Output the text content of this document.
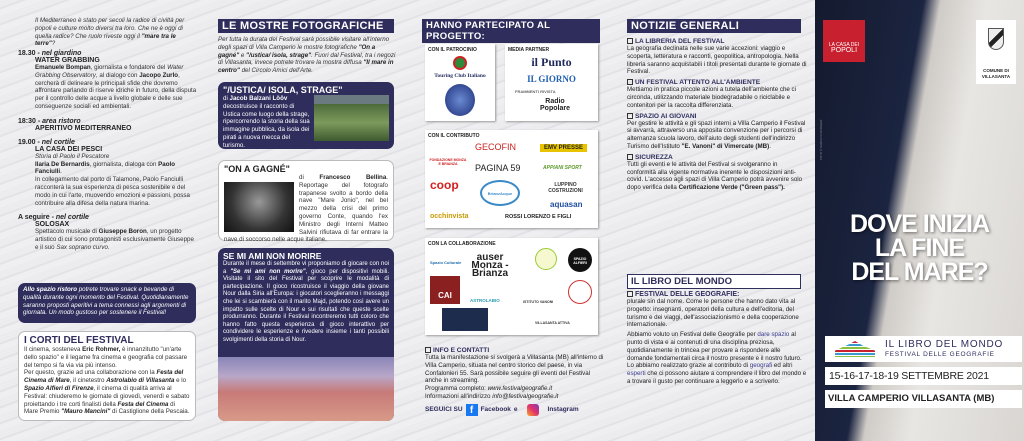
Il Mediterraneo è stato per secoli la radice di civiltà per popoli e culture molto diversi tra loro. Che ne è oggi di quella radice? Che ruolo riveste oggi il "mare tra le terre"?
18.30 - nel giardino
WATER GRABBING
Emanuele Bompan, giornalista e fondatore del Water Grabbing Observatory, al dialogo con Jacopo Zurlo, cercherà di delineare le principali sfide che dovremo affrontare parlando di riserve idriche in futuro, della disputa per il controllo delle acque a livello globale e delle sue conseguenze sociali ed ambientali.
18:30 - area ristoro
APERITIVO MEDITERRANEO
19.00 - nel cortile
LA CASA DEI PESCI
Storia di Paolo il Pescatore
Ilaria De Bernardis, giornalista, dialoga con Paolo Fanciulli.
In collegamento dal porto di Talamone, Paolo Fanciulli racconterà la sua esperienza di pesca sostenibile e del modo in cui l'arte, muovendo emozioni e passioni, possa contribuire alla difesa della natura marina.
A seguire - nel cortile
SOLOSAX
Spettacolo musicale di Giuseppe Boron, un progetto artistico di cui sono protagonisti esclusivamente Giuseppe e il suo Sax soprano curvo.
Allo spazio ristoro potrete trovare snack e bevande di qualità durante ogni momento del Festival. Quotidianamente saranno proposti aperitivi a tema connessi agli argomenti di giornata. Un modo gustoso per sostenere il Festival!
I CORTI DEL FESTIVAL
Il cinema, sosteneva Eric Rohmer, è innanzitutto "un'arte dello spazio" e il legame fra cinema e geografia col passare del tempo si fa via via più intenso.
Per questo, grazie ad una collaborazione con la Festa del Cinema di Mare, il cinetestro Astrolabio di Villasanta e lo Spazio Alfieri di Firenze, il cinema di qualità arriva al Festival: chiuderemo le giornate di giovedì, venerdì e sabato proiettando i tre corti finalisti della Festa del Cinema di Mare Premio "Mauro Mancini" di Castiglione della Pescaia.
LE MOSTRE FOTOGRAFICHE
Per tutta la durata del Festival sarà possibile visitare all'interno degli spazi di Villa Camperio le mostre fotografiche "On a gagné" e "/ustica/ isola, strage". Fuori dal Festival, tra i negozi di Villasanta, invece potrete trovare la mostra diffusa "Il mare in centro" del Circolo Amici dell'Arte.
"/USTICA/ ISOLA, STRAGE"
di Jacob Balzani Lööv decostruisce il racconto di Ustica come luogo della strage, ripercorrendo la storia della sua immagine pubblica, da isola dei pirati a nuova mecca del turismo.
"ON A GAGNÉ"
di Francesco Bellina. Reportage del fotografo trapanese svolto a bordo della nave "Mare Jonio", nel bel mezzo della crisi del primo governo Conte, quando l'ex Ministro degli Interni Matteo Salvini rifiutava di far entrare la nave di soccorso nelle acque italiane.
SE MI AMI NON MORIRE
Durante il mese di settembre vi proponiamo di giocare con noi a "Se mi ami non morire", gioco per dispositivi mobili. Visitate il sito del Festival per scoprire le modalità di partecipazione. Il gioco ricostruisce il viaggio della giovane Nour dalla Siria all'Europa: i giocatori sceglieranno i messaggi che lei si scambierà con il marito Majd, potendo così avere un impatto sulle scelte di Nour e sui risultati che queste scelte produrranno. Durante il Festival incontreremo tutti coloro che hanno fatto questa esperienza di gioco interattivo per condividere le esperienze e rivedere insieme i tanti possibili svolgimenti della storia di Nour.
HANNO PARTECIPATO AL PROGETTO:
CON IL PATROCINIO
Touring Club Italiano
MEDIA PARTNER
il Punto
IL GIORNO
FRAMMENTI RIVISTA
Radio Popolare
CON IL CONTRIBUTO
FONDAZIONE MONZA E BRIANZA
GECOFIN	EMV PRESSE
PAGINA 59	APPIANI SPORT
coop
BrianzAcque
LUPPINO COSTRUZIONI
aquasan
occhinvista	ROSSI LORENZO E FIGLI
CON LA COLLABORAZIONE
Spazio Culturale	auser Monza - Brianza
SPAZIO ALFIERI
CAI
ASTROLABIO	ISTITUTO VANONI
VILLASANTA ATTIVA
INFO E CONTATTI
Tutta la manifestazione si svolgerà a Villasanta (MB) all'interno di Villa Camperio, situata nel centro storico del paese, in via Confalonieri 55. Sarà possibile seguire gli eventi del Festival anche in streaming.
Programma completo: www.festivalgeografie.it
Informazioni all'indirizzo info@festivalgeografie.it
SEGUICI SU f	Facebook e	Instagram
NOTIZIE GENERALI
LA LIBRERIA DEL FESTIVAL
La geografia declinata nelle sue varie accezioni: viaggio e scoperta, letteratura e racconti, geopolitica, antropologia. Nella libreria saranno acquistabili i titoli presentati durante le giornate di Festival.
UN FESTIVAL ATTENTO ALL'AMBIENTE
Mettiamo in pratica piccole azioni a tutela dell'ambiente che ci circonda, utilizzando materiale biodegradabile o riciclabile e contenitori per la raccolta differenziata.
SPAZIO AI GIOVANI
Per gestire le attività e gli spazi interni a Villa Camperio il Festival si avvarrà, attraverso una apposita convenzione per i percorsi di alternanza scuola lavoro, dell'aiuto degli studenti dell'indirizzo Turismo dell'Istituto "E. Vanoni" di Vimercate (MB).
SICUREZZA
Tutti gli eventi e le attività del Festival si svolgeranno in conformità alla vigente normativa inerente le disposizioni anti-covid. L'accesso agli spazi di Villa Camperio potrà avvenire solo dopo verifica della Certificazione Verde ("Green pass").
IL LIBRO DEL MONDO
FESTIVAL DELLE GEOGRAFIE:
plurale sin dal nome. Come le persone che hanno dato vita al progetto: insegnanti, operatori della cultura e dell'editoria, del turismo e dei viaggi, dell'associazionismo e della cooperazione internazionale.
Abbiamo voluto un Festival delle Geografie per dare spazio al punto di vista e ai contenuti di una disciplina preziosa, quotidianamente in trincea per provare a rispondere alle domande fondamentali circa il nostro presente e il nostro futuro.
Lo abbiamo realizzato grazie al contributo di geografi ed altri esperti che ci possono aiutare a comprendere il libro del mondo e a trovare il gusto per continuare a leggerlo e a scriverlo.
LA CASA DEI
POPOLI
COMUNE DI
VILLASANTA
FOTO © SAROLTA DORIGER
DOVE INIZIA
LA FINE
DEL MARE?
IL LIBRO DEL MONDO
FESTIVAL DELLE GEOGRAFIE
15-16-17-18-19 SETTEMBRE 2021
VILLA CAMPERIO VILLASANTA (MB)
